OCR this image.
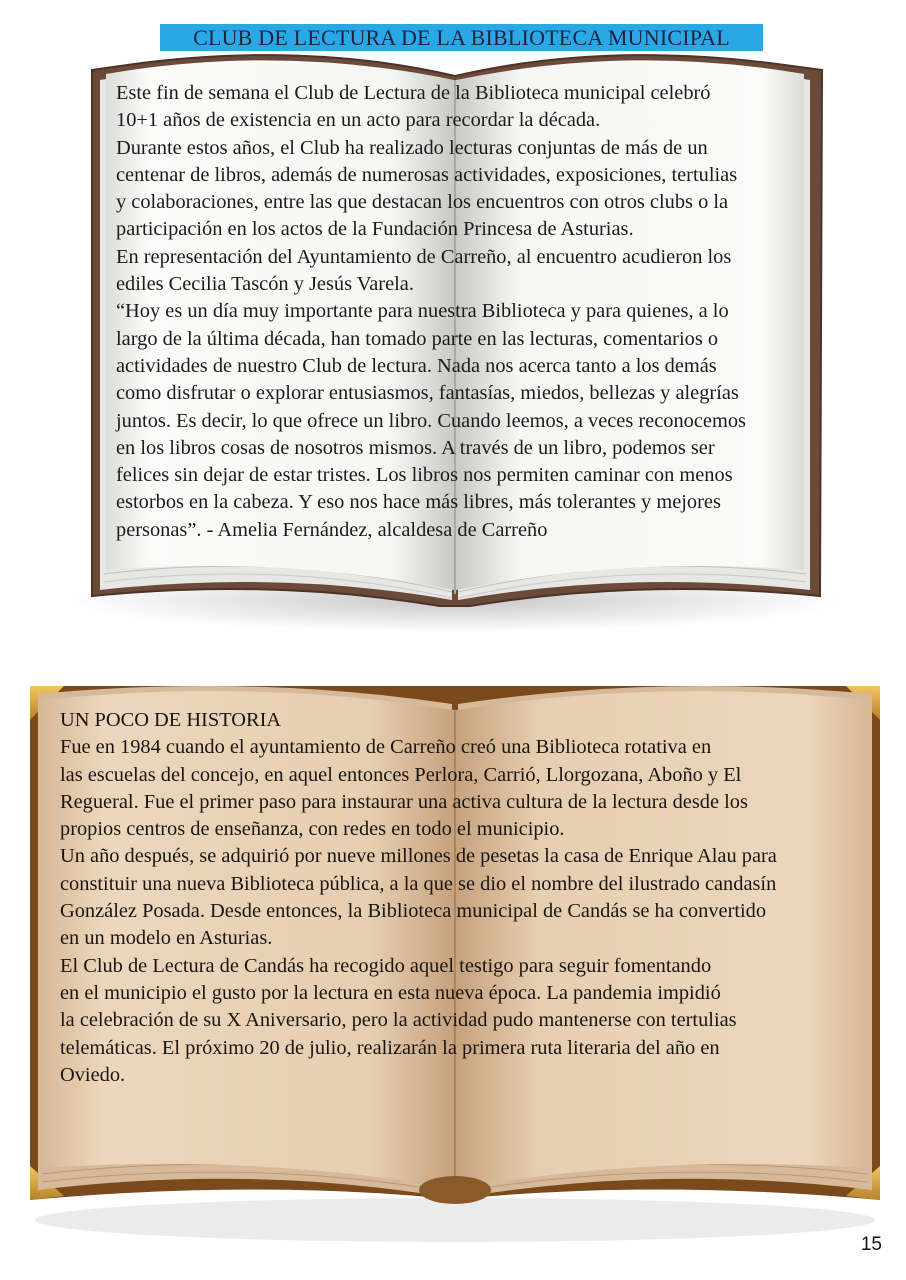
CLUB DE LECTURA DE LA BIBLIOTECA MUNICIPAL
Este fin de semana el Club de Lectura de la Biblioteca municipal celebró
10+1 años de existencia en un acto para recordar la década.
Durante estos años, el Club ha realizado lecturas conjuntas de más de un
centenar de libros, además de numerosas actividades, exposiciones, tertulias
y colaboraciones, entre las que destacan los encuentros con otros clubs o la
participación en los actos de la Fundación Princesa de Asturias.
En representación del Ayuntamiento de Carreño, al encuentro acudieron los
ediles Cecilia Tascón y Jesús Varela.
“Hoy es un día muy importante para nuestra Biblioteca y para quienes, a lo
largo de la última década, han tomado parte en las lecturas, comentarios o
actividades de nuestro Club de lectura. Nada nos acerca tanto a los demás
como disfrutar o explorar entusiasmos, fantasías, miedos, bellezas y alegrías
juntos. Es decir, lo que ofrece un libro. Cuando leemos, a veces reconocemos
en los libros cosas de nosotros mismos. A través de un libro, podemos ser
felices sin dejar de estar tristes. Los libros nos permiten caminar con menos
estorbos en la cabeza. Y eso nos hace más libres, más tolerantes y mejores
personas”. - Amelia Fernández, alcaldesa de Carreño
UN POCO DE HISTORIA
Fue en 1984 cuando el ayuntamiento de Carreño creó una Biblioteca rotativa en
las escuelas del concejo, en aquel entonces Perlora, Carrió, Llorgozana, Aboño y El
Regueral. Fue el primer paso para instaurar una activa cultura de la lectura desde los
propios centros de enseñanza, con redes en todo el municipio.
Un año después, se adquirió por nueve millones de pesetas la casa de Enrique Alau para
constituir una nueva Biblioteca pública, a la que se dio el nombre del ilustrado candasín
González Posada. Desde entonces, la Biblioteca municipal de Candás se ha convertido
en un modelo en Asturias.
El Club de Lectura de Candás ha recogido aquel testigo para seguir fomentando
en el municipio el gusto por la lectura en esta nueva época. La pandemia impidió
la celebración de su X Aniversario, pero la actividad pudo mantenerse con tertulias
telemáticas. El próximo 20 de julio, realizarán la primera ruta literaria del año en
Oviedo.
15
